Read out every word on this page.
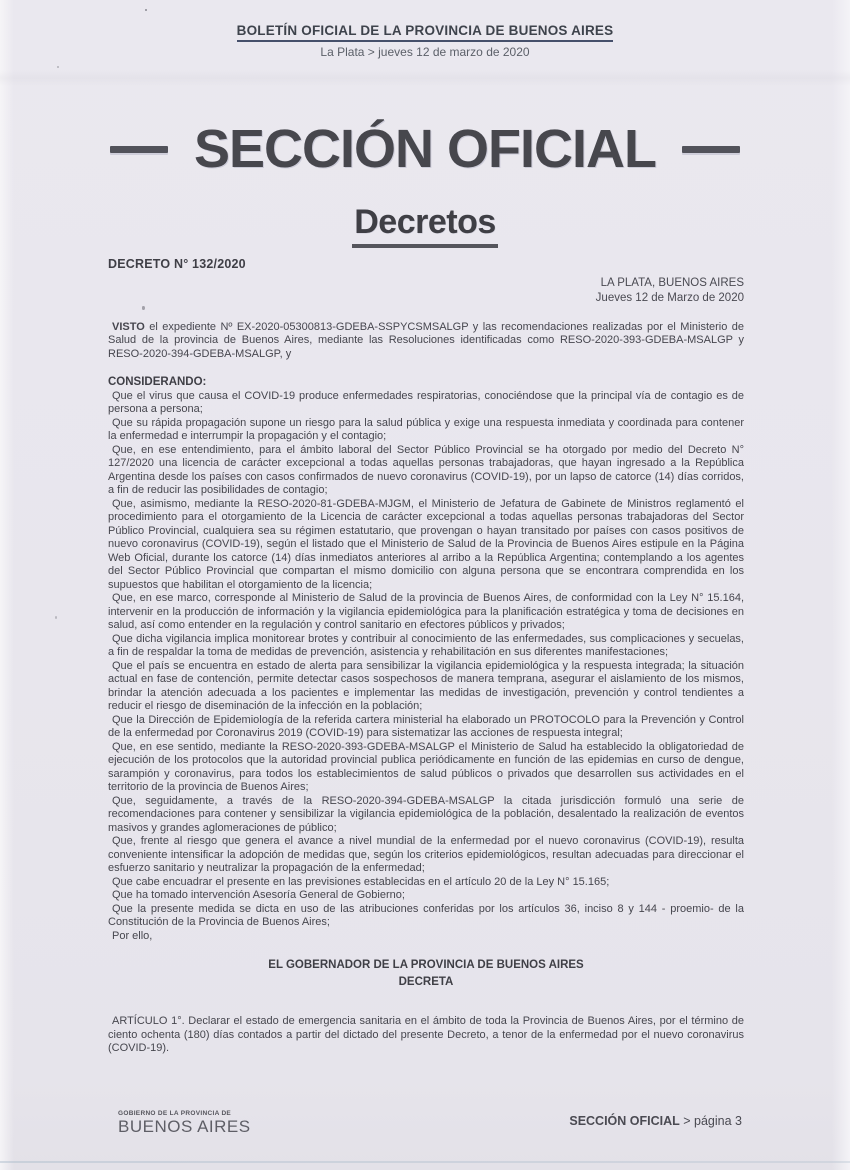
BOLETÍN OFICIAL DE LA PROVINCIA DE BUENOS AIRES
La Plata > jueves 12 de marzo de 2020
SECCIÓN OFICIAL
Decretos
DECRETO N° 132/2020
LA PLATA, BUENOS AIRES
Jueves 12 de Marzo de 2020

VISTO el expediente Nº EX-2020-05300813-GDEBA-SSPYCSMSALGP y las recomendaciones realizadas por el Ministerio de Salud de la provincia de Buenos Aires, mediante las Resoluciones identificadas como RESO-2020-393-GDEBA-MSALGP y RESO-2020-394-GDEBA-MSALGP, y

CONSIDERANDO:

Que el virus que causa el COVID-19 produce enfermedades respiratorias, conociéndose que la principal vía de contagio es de persona a persona;

Que su rápida propagación supone un riesgo para la salud pública y exige una respuesta inmediata y coordinada para contener la enfermedad e interrumpir la propagación y el contagio;

Que, en ese entendimiento, para el ámbito laboral del Sector Público Provincial se ha otorgado por medio del Decreto N° 127/2020 una licencia de carácter excepcional a todas aquellas personas trabajadoras, que hayan ingresado a la República Argentina desde los países con casos confirmados de nuevo coronavirus (COVID-19), por un lapso de catorce (14) días corridos, a fin de reducir las posibilidades de contagio;

Que, asimismo, mediante la RESO-2020-81-GDEBA-MJGM, el Ministerio de Jefatura de Gabinete de Ministros reglamentó el procedimiento para el otorgamiento de la Licencia de carácter excepcional a todas aquellas personas trabajadoras del Sector Público Provincial, cualquiera sea su régimen estatutario, que provengan o hayan transitado por países con casos positivos de nuevo coronavirus (COVID-19), según el listado que el Ministerio de Salud de la Provincia de Buenos Aires estipule en la Página Web Oficial, durante los catorce (14) días inmediatos anteriores al arribo a la República Argentina; contemplando a los agentes del Sector Público Provincial que compartan el mismo domicilio con alguna persona que se encontrara comprendida en los supuestos que habilitan el otorgamiento de la licencia;

Que, en ese marco, corresponde al Ministerio de Salud de la provincia de Buenos Aires, de conformidad con la Ley N° 15.164, intervenir en la producción de información y la vigilancia epidemiológica para la planificación estratégica y toma de decisiones en salud, así como entender en la regulación y control sanitario en efectores públicos y privados;

Que dicha vigilancia implica monitorear brotes y contribuir al conocimiento de las enfermedades, sus complicaciones y secuelas, a fin de respaldar la toma de medidas de prevención, asistencia y rehabilitación en sus diferentes manifestaciones;

Que el país se encuentra en estado de alerta para sensibilizar la vigilancia epidemiológica y la respuesta integrada; la situación actual en fase de contención, permite detectar casos sospechosos de manera temprana, asegurar el aislamiento de los mismos, brindar la atención adecuada a los pacientes e implementar las medidas de investigación, prevención y control tendientes a reducir el riesgo de diseminación de la infección en la población;

Que la Dirección de Epidemiología de la referida cartera ministerial ha elaborado un PROTOCOLO para la Prevención y Control de la enfermedad por Coronavirus 2019 (COVID-19) para sistematizar las acciones de respuesta integral;

Que, en ese sentido, mediante la RESO-2020-393-GDEBA-MSALGP el Ministerio de Salud ha establecido la obligatoriedad de ejecución de los protocolos que la autoridad provincial publica periódicamente en función de las epidemias en curso de dengue, sarampión y coronavirus, para todos los establecimientos de salud públicos o privados que desarrollen sus actividades en el territorio de la provincia de Buenos Aires;

Que, seguidamente, a través de la RESO-2020-394-GDEBA-MSALGP la citada jurisdicción formuló una serie de recomendaciones para contener y sensibilizar la vigilancia epidemiológica de la población, desalentado la realización de eventos masivos y grandes aglomeraciones de público;

Que, frente al riesgo que genera el avance a nivel mundial de la enfermedad por el nuevo coronavirus (COVID-19), resulta conveniente intensificar la adopción de medidas que, según los criterios epidemiológicos, resultan adecuadas para direccionar el esfuerzo sanitario y neutralizar la propagación de la enfermedad;

Que cabe encuadrar el presente en las previsiones establecidas en el artículo 20 de la Ley N° 15.165;

Que ha tomado intervención Asesoría General de Gobierno;

Que la presente medida se dicta en uso de las atribuciones conferidas por los artículos 36, inciso 8 y 144 - proemio- de la Constitución de la Provincia de Buenos Aires;

Por ello,

EL GOBERNADOR DE LA PROVINCIA DE BUENOS AIRES
DECRETA

ARTÍCULO 1°. Declarar el estado de emergencia sanitaria en el ámbito de toda la Provincia de Buenos Aires, por el término de ciento ochenta (180) días contados a partir del dictado del presente Decreto, a tenor de la enfermedad por el nuevo coronavirus (COVID-19).

GOBIERNO DE LA PROVINCIA DE
BUENOS AIRES	SECCIÓN OFICIAL > página 3
